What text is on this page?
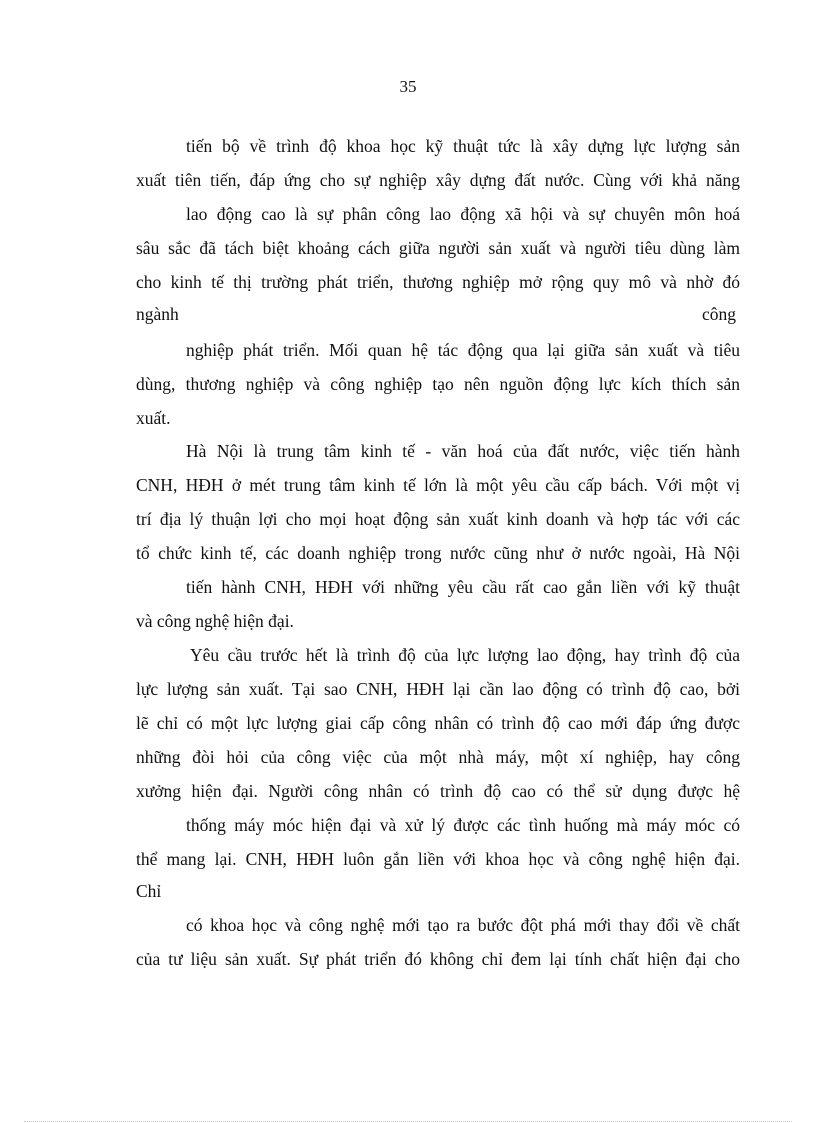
35
tiến bộ về trình độ khoa học kỹ thuật tức là xây dựng lực lượng sản
xuất tiên tiến, đáp ứng cho sự nghiệp xây dựng đất nước. Cùng với khả năng
lao động cao là sự phân công lao động xã hội và sự chuyên môn hoá
sâu sắc đã tách biệt khoảng cách giữa người sản xuất và người tiêu dùng làm
cho kinh tế thị trường phát triển, thương nghiệp mở rộng quy mô và nhờ đó
ngành	công
nghiệp phát triển. Mối quan hệ tác động qua lại giữa sản xuất và tiêu
dùng, thương nghiệp và công nghiệp tạo nên nguồn động lực kích thích sản
xuất.
Hà Nội là trung tâm kinh tế - văn hoá của đất nước, việc tiến hành
CNH, HĐH ở mét trung tâm kinh tế lớn là một yêu cầu cấp bách. Với một vị
trí địa lý thuận lợi cho mọi hoạt động sản xuất kinh doanh và hợp tác với các
tổ chức kinh tế, các doanh nghiệp trong nước cũng như ở nước ngoài, Hà Nội
tiến hành CNH, HĐH với những yêu cầu rất cao gắn liền với kỹ thuật
và công nghệ hiện đại.
Yêu cầu trước hết là trình độ của lực lượng lao động, hay trình độ của
lực lượng sản xuất. Tại sao CNH, HĐH lại cần lao động có trình độ cao, bởi
lẽ chỉ có một lực lượng giai cấp công nhân có trình độ cao mới đáp ứng được
những đòi hỏi của công việc của một nhà máy, một xí nghiệp, hay công
xưởng hiện đại. Người công nhân có trình độ cao có thể sử dụng được hệ
thống máy móc hiện đại và xử lý được các tình huống mà máy móc có
thể mang lại. CNH, HĐH luôn gắn liền với khoa học và công nghệ hiện đại.
Chỉ
có khoa học và công nghệ mới tạo ra bước đột phá mới thay đổi về chất
của tư liệu sản xuất. Sự phát triển đó không chỉ đem lại tính chất hiện đại cho
